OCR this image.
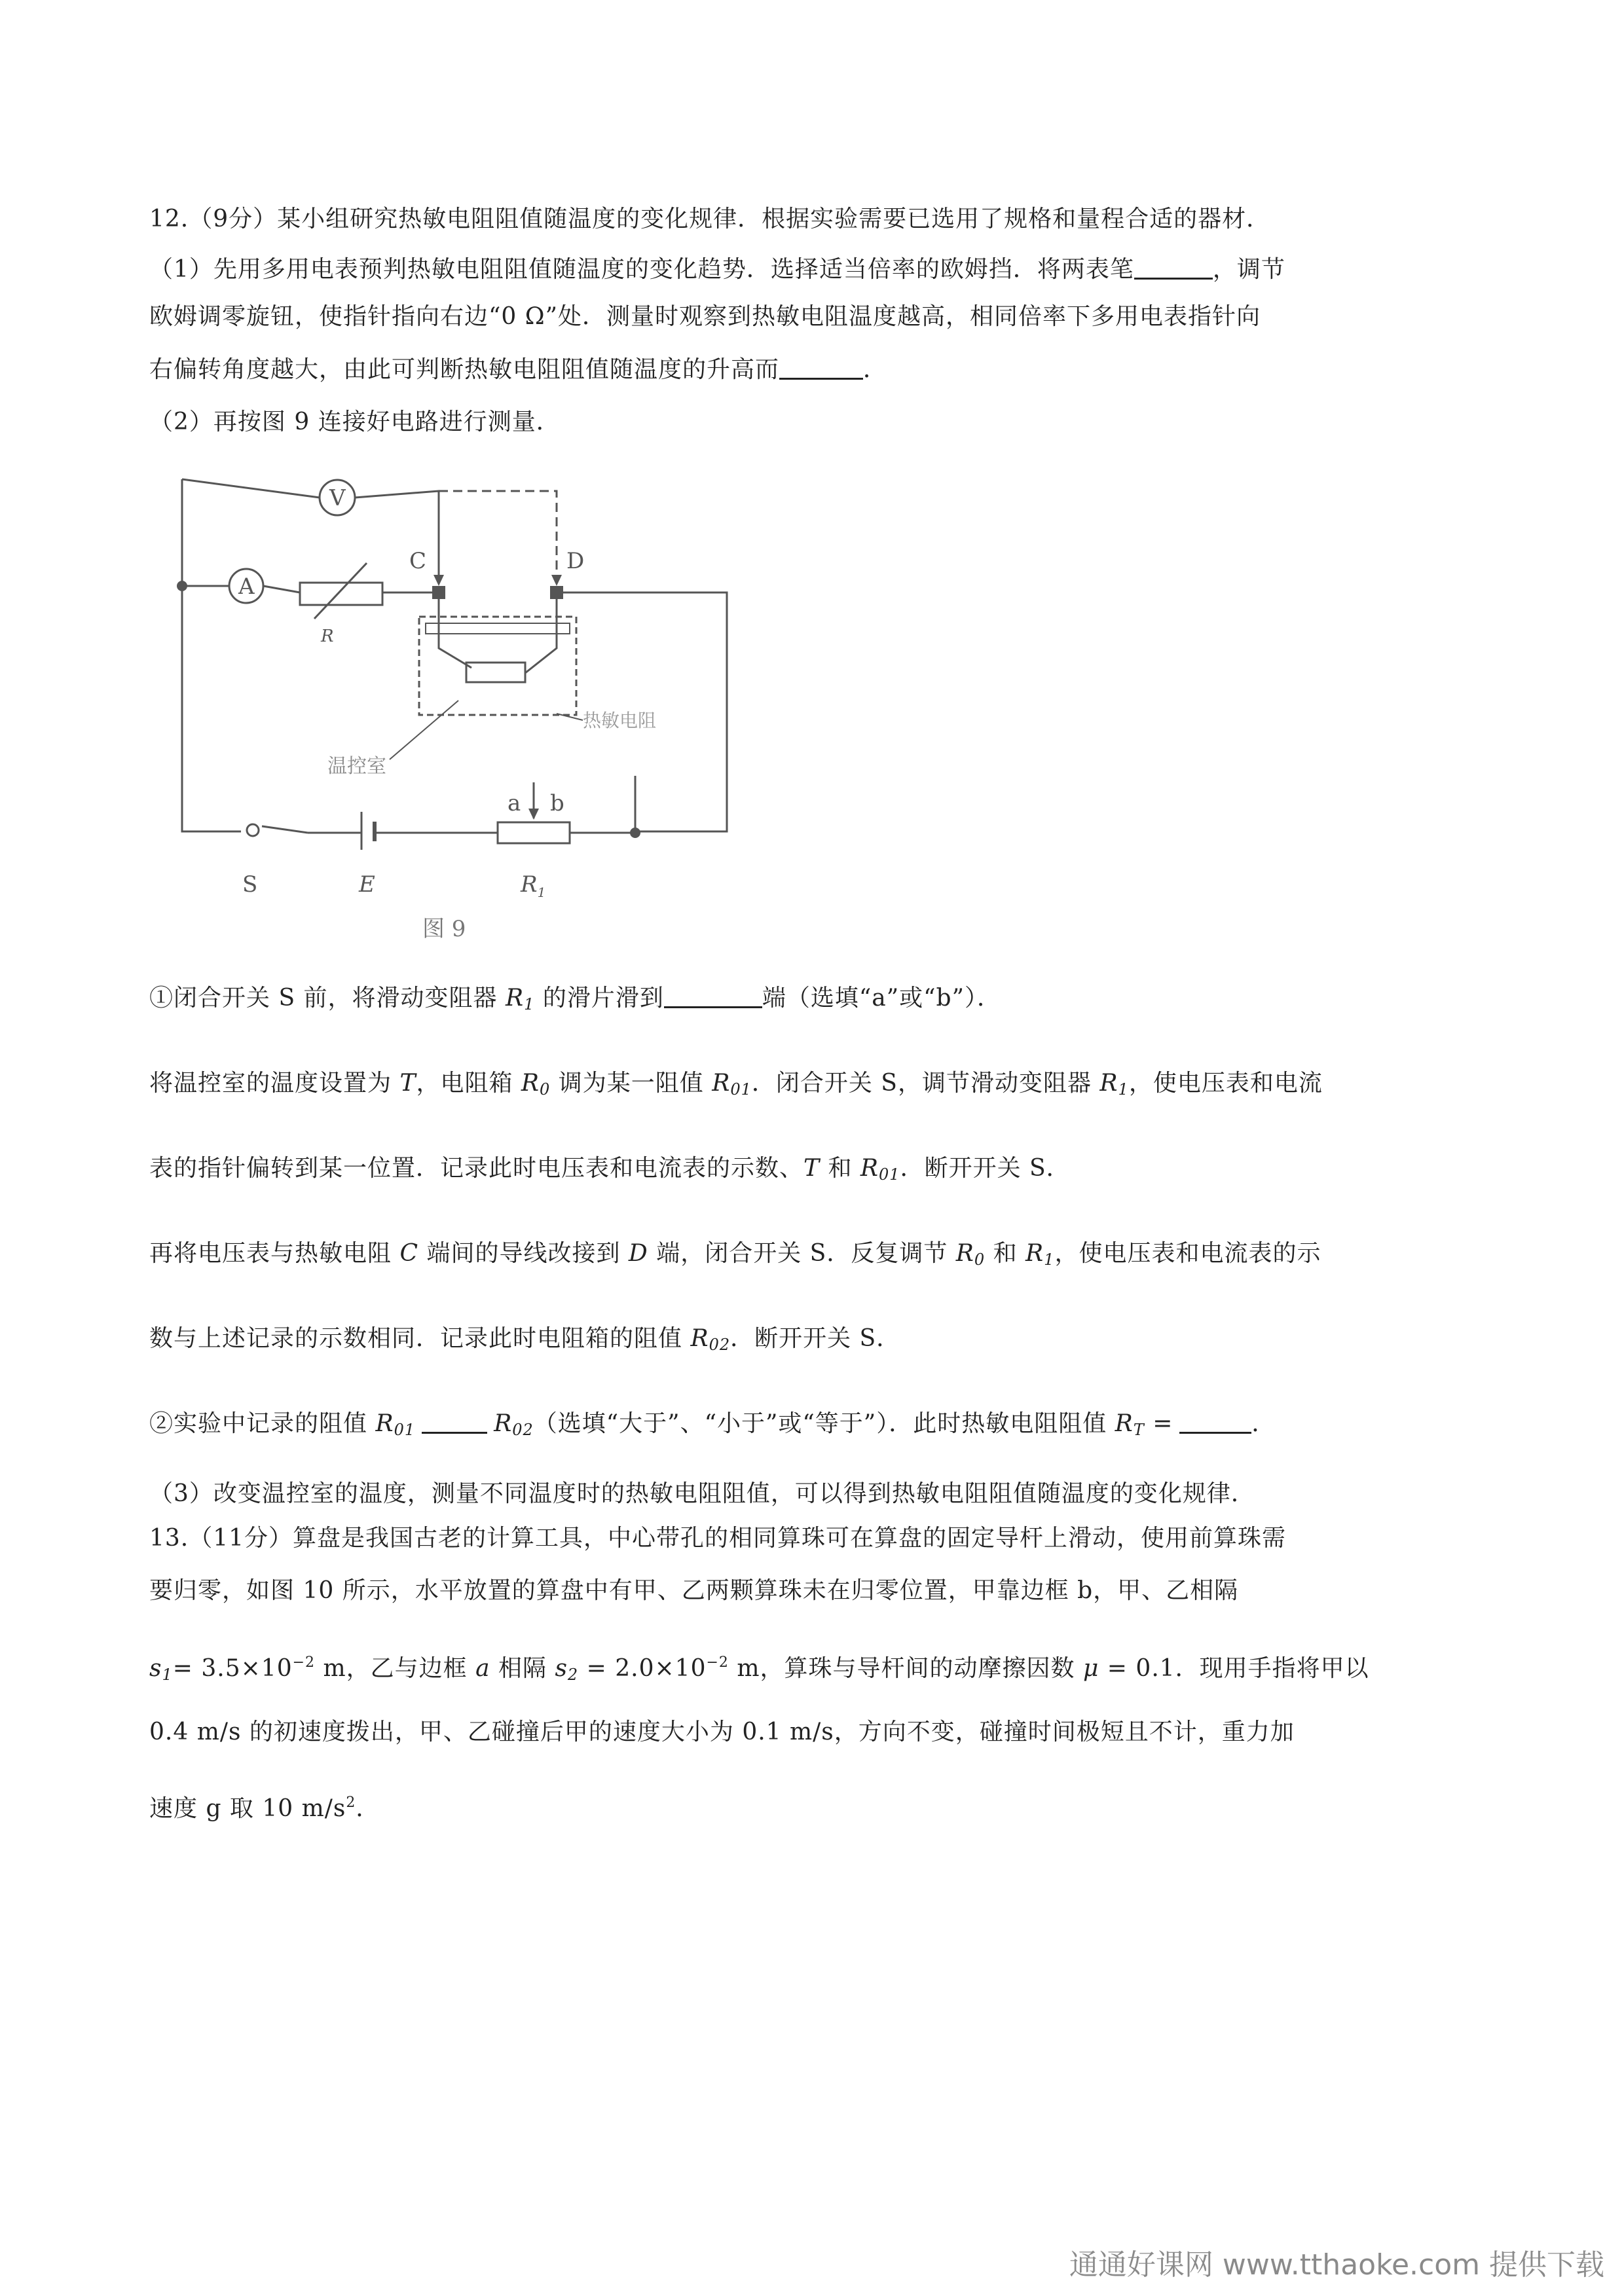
12.（9分）某小组研究热敏电阻阻值随温度的变化规律．根据实验需要已选用了规格和量程合适的器材．
（1）先用多用电表预判热敏电阻阻值随温度的变化趋势．选择适当倍率的欧姆挡．将两表笔	，调节
欧姆调零旋钮，使指针指向右边“0 Ω”处．测量时观察到热敏电阻温度越高，相同倍率下多用电表指针向
右偏转角度越大，由此可判断热敏电阻阻值随温度的升高而	．
（2）再按图 9 连接好电路进行测量．
V
A
C	D
R
a b
S	E	$R_1$
温控室
热敏电阻
图 9
①闭合开关 S 前，将滑动变阻器 $R_1$ 的滑片滑到	端（选填“a”或“b”）．
将温控室的温度设置为 T，电阻箱 $R_0$ 调为某一阻值 $R_{01}$．闭合开关 S，调节滑动变阻器 $R_1$，使电压表和电流
表的指针偏转到某一位置．记录此时电压表和电流表的示数、T 和 $R_{01}$．断开开关 S．
再将电压表与热敏电阻 C 端间的导线改接到 D 端，闭合开关 S．反复调节 $R_0$ 和 $R_1$，使电压表和电流表的示
数与上述记录的示数相同．记录此时电阻箱的阻值 $R_{02}$．断开开关 S．
②实验中记录的阻值 $R_{01}$	$R_{02}$（选填“大于”、“小于”或“等于”）．此时热敏电阻阻值 $R_T$ =	．
（3）改变温控室的温度，测量不同温度时的热敏电阻阻值，可以得到热敏电阻阻值随温度的变化规律．
13.（11分）算盘是我国古老的计算工具，中心带孔的相同算珠可在算盘的固定导杆上滑动，使用前算珠需
要归零，如图 10 所示，水平放置的算盘中有甲、乙两颗算珠未在归零位置，甲靠边框 b，甲、乙相隔
$s_1= 3.5\times 10^{-2}$ m，乙与边框 a 相隔 $s_2 = 2.0\times 10^{-2}$ m，算珠与导杆间的动摩擦因数 μ = 0.1．现用手指将甲以
0.4 m/s 的初速度拨出，甲、乙碰撞后甲的速度大小为 0.1 m/s，方向不变，碰撞时间极短且不计，重力加
速度 g 取 10 $m/s^2$．
通通好课网 www.tthaoke.com 提供下载
